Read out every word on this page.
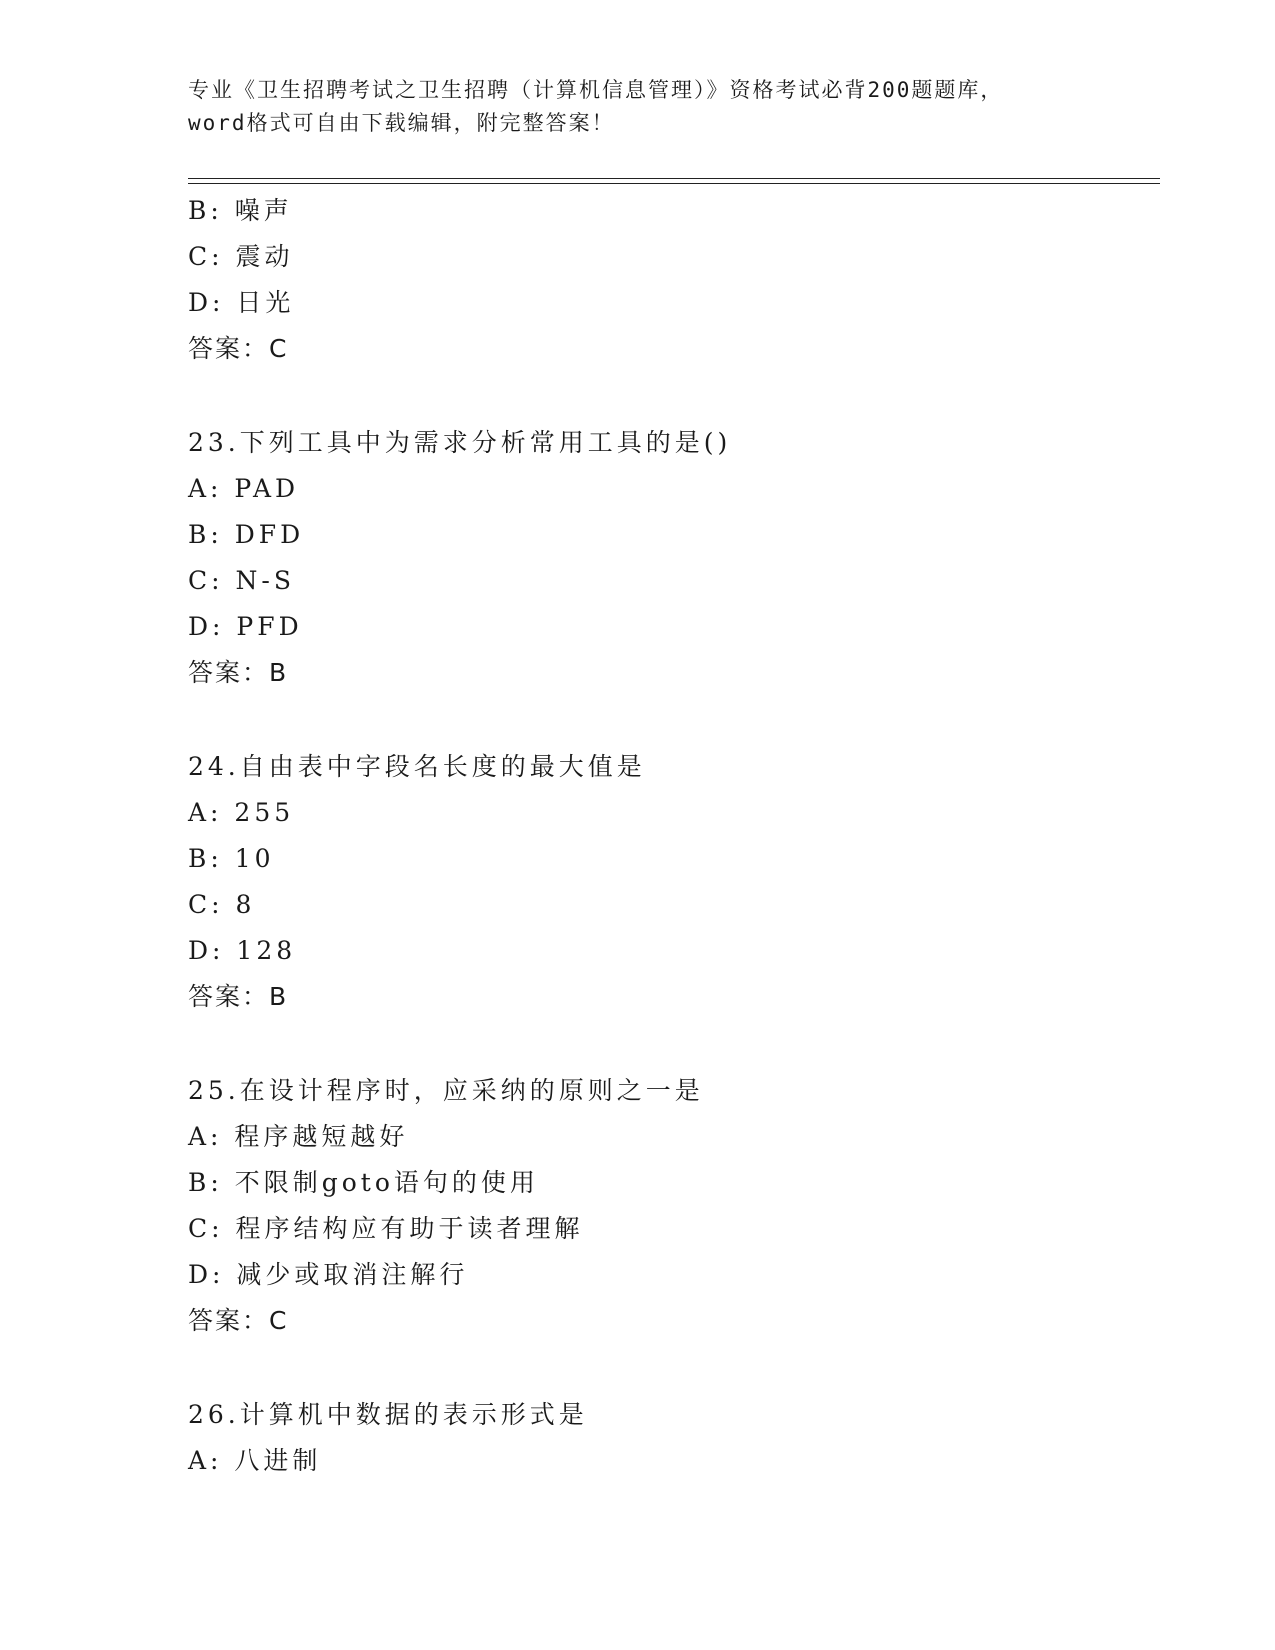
专业《卫生招聘考试之卫生招聘（计算机信息管理）》资格考试必背200题题库，
word格式可自由下载编辑，附完整答案！
B: 噪声
C: 震动
D: 日光
答案：C
23.下列工具中为需求分析常用工具的是()
A: PAD
B: DFD
C: N-S
D: PFD
答案：B
24.自由表中字段名长度的最大值是
A: 255
B: 10
C: 8
D: 128
答案：B
25.在设计程序时，应采纳的原则之一是
A: 程序越短越好
B: 不限制goto语句的使用
C: 程序结构应有助于读者理解
D: 减少或取消注解行
答案：C
26.计算机中数据的表示形式是
A: 八进制
